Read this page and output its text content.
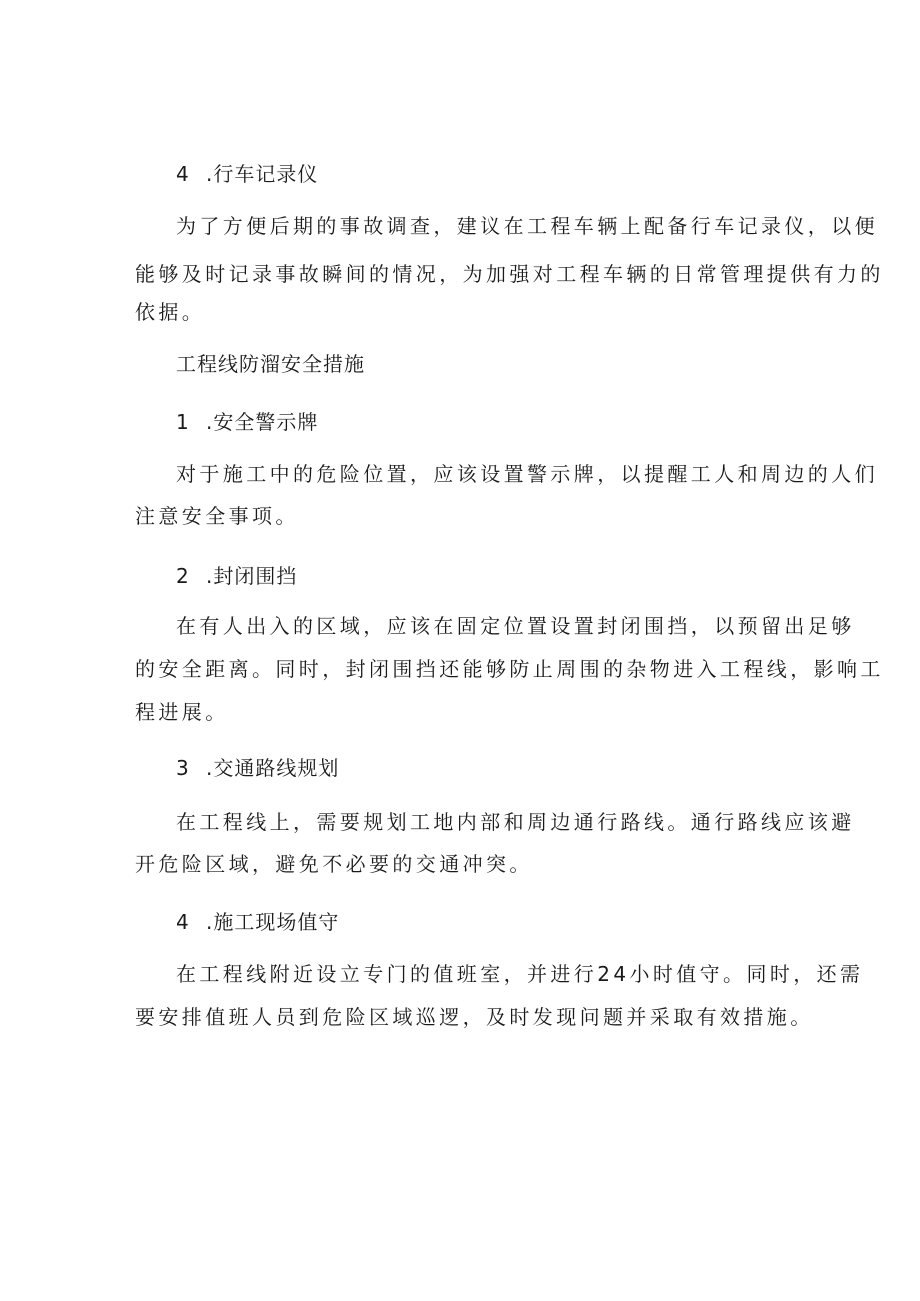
4 .行车记录仪
为了方便后期的事故调查，建议在工程车辆上配备行车记录仪，以便
能够及时记录事故瞬间的情况，为加强对工程车辆的日常管理提供有力的
依据。
工程线防溜安全措施
1 .安全警示牌
对于施工中的危险位置，应该设置警示牌，以提醒工人和周边的人们
注意安全事项。
2 .封闭围挡
在有人出入的区域，应该在固定位置设置封闭围挡，以预留出足够
的安全距离。同时，封闭围挡还能够防止周围的杂物进入工程线，影响工
程进展。
3 .交通路线规划
在工程线上，需要规划工地内部和周边通行路线。通行路线应该避
开危险区域，避免不必要的交通冲突。
4 .施工现场值守
在工程线附近设立专门的值班室，并进行24小时值守。同时，还需
要安排值班人员到危险区域巡逻，及时发现问题并采取有效措施。
